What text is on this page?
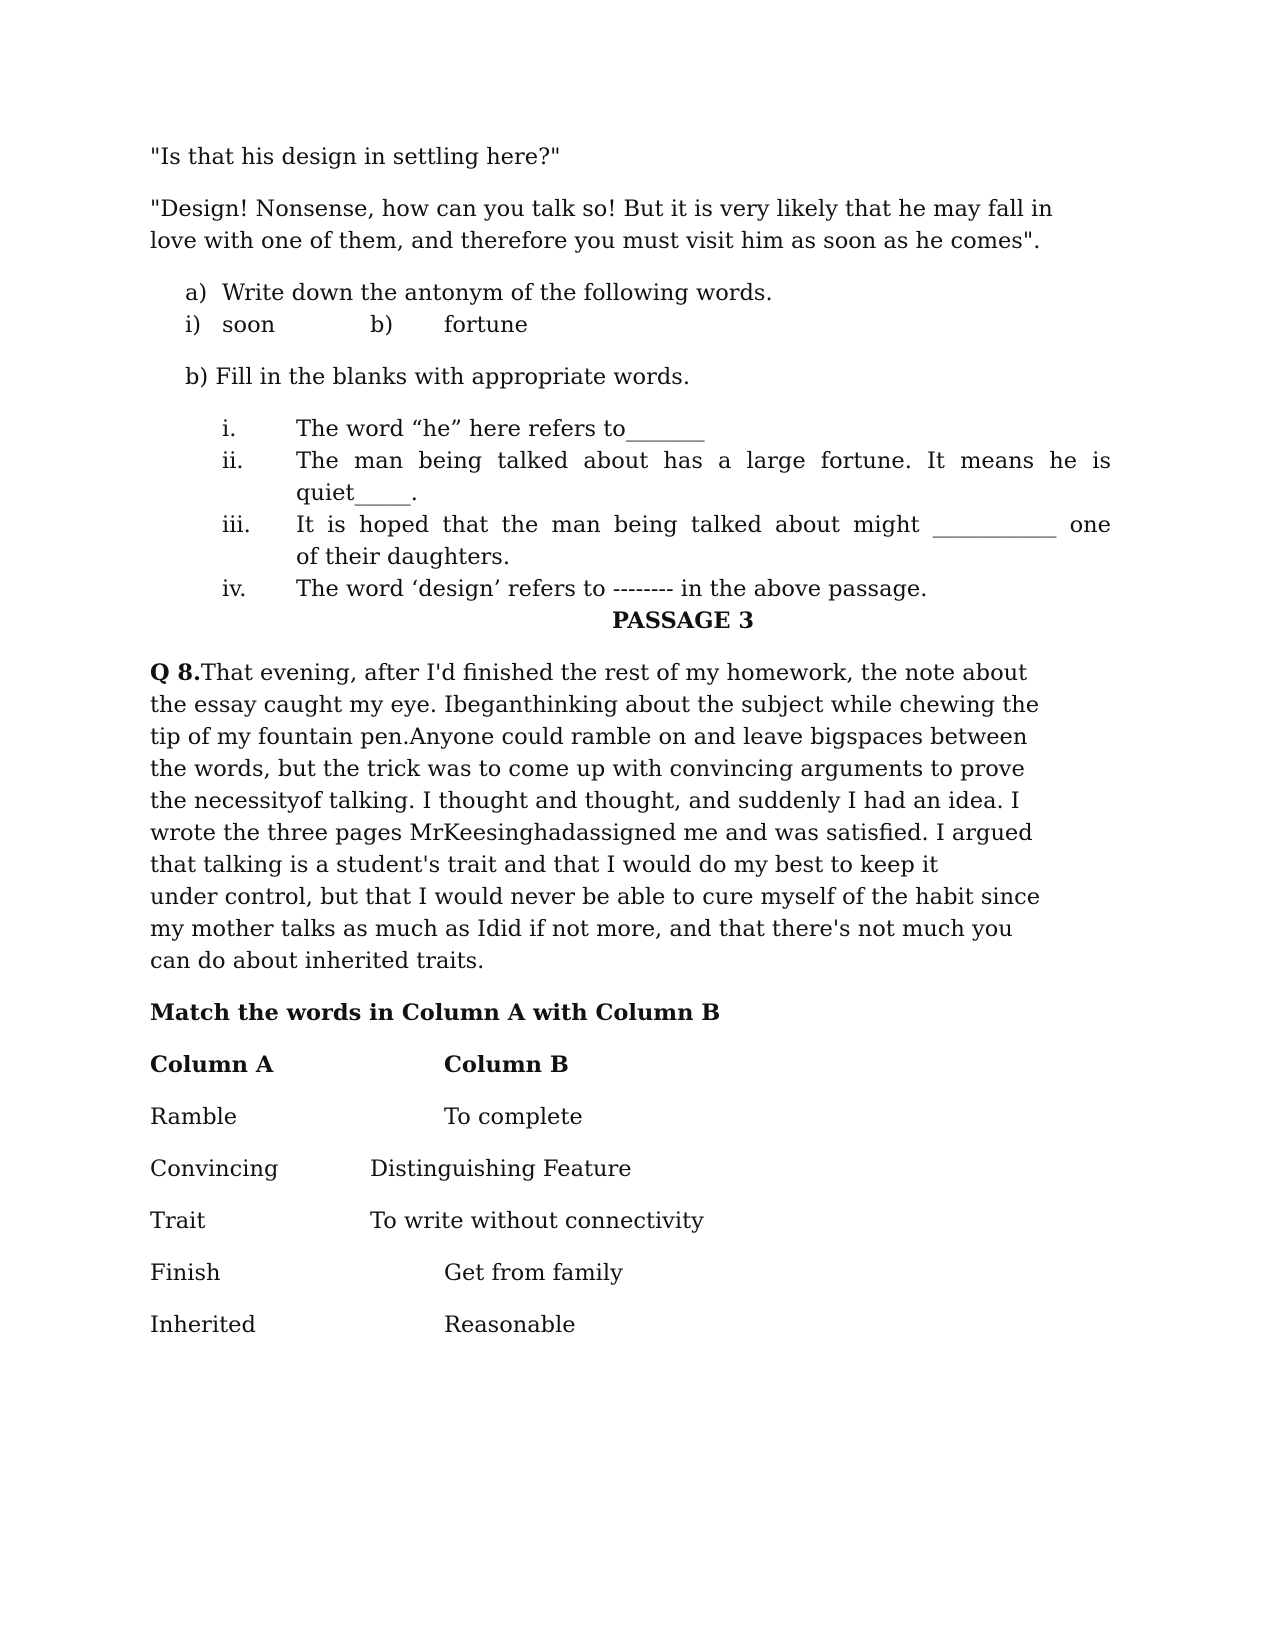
"Is that his design in settling here?"
"Design! Nonsense, how can you talk so! But it is very likely that he may fall in
love with one of them, and therefore you must visit him as soon as he comes".
a) Write down the antonym of the following words.
i) soon	b) fortune
b) Fill in the blanks with appropriate words.
i.	The word “he” here refers to_______
ii. The man being talked about has a large fortune. It means he is
quiet_____.
iii. It is hoped that the man being talked about might ___________ one
of their daughters.
iv. The word ‘design’ refers to -------- in the above passage.
PASSAGE 3
Q 8.That evening, after I'd finished the rest of my homework, the note about
the essay caught my eye. Ibeganthinking about the subject while chewing the
tip of my fountain pen.Anyone could ramble on and leave bigspaces between
the words, but the trick was to come up with convincing arguments to prove
the necessityof talking. I thought and thought, and suddenly I had an idea. I
wrote the three pages MrKeesinghadassigned me and was satisfied. I argued
that talking is a student's trait and that I would do my best to keep it
under control, but that I would never be able to cure myself of the habit since
my mother talks as much as Idid if not more, and that there's not much you
can do about inherited traits.
Match the words in Column A with Column B
Column A	Column B
Ramble	To complete
Convincing	Distinguishing Feature
Trait	To write without connectivity
Finish	Get from family
Inherited	Reasonable
